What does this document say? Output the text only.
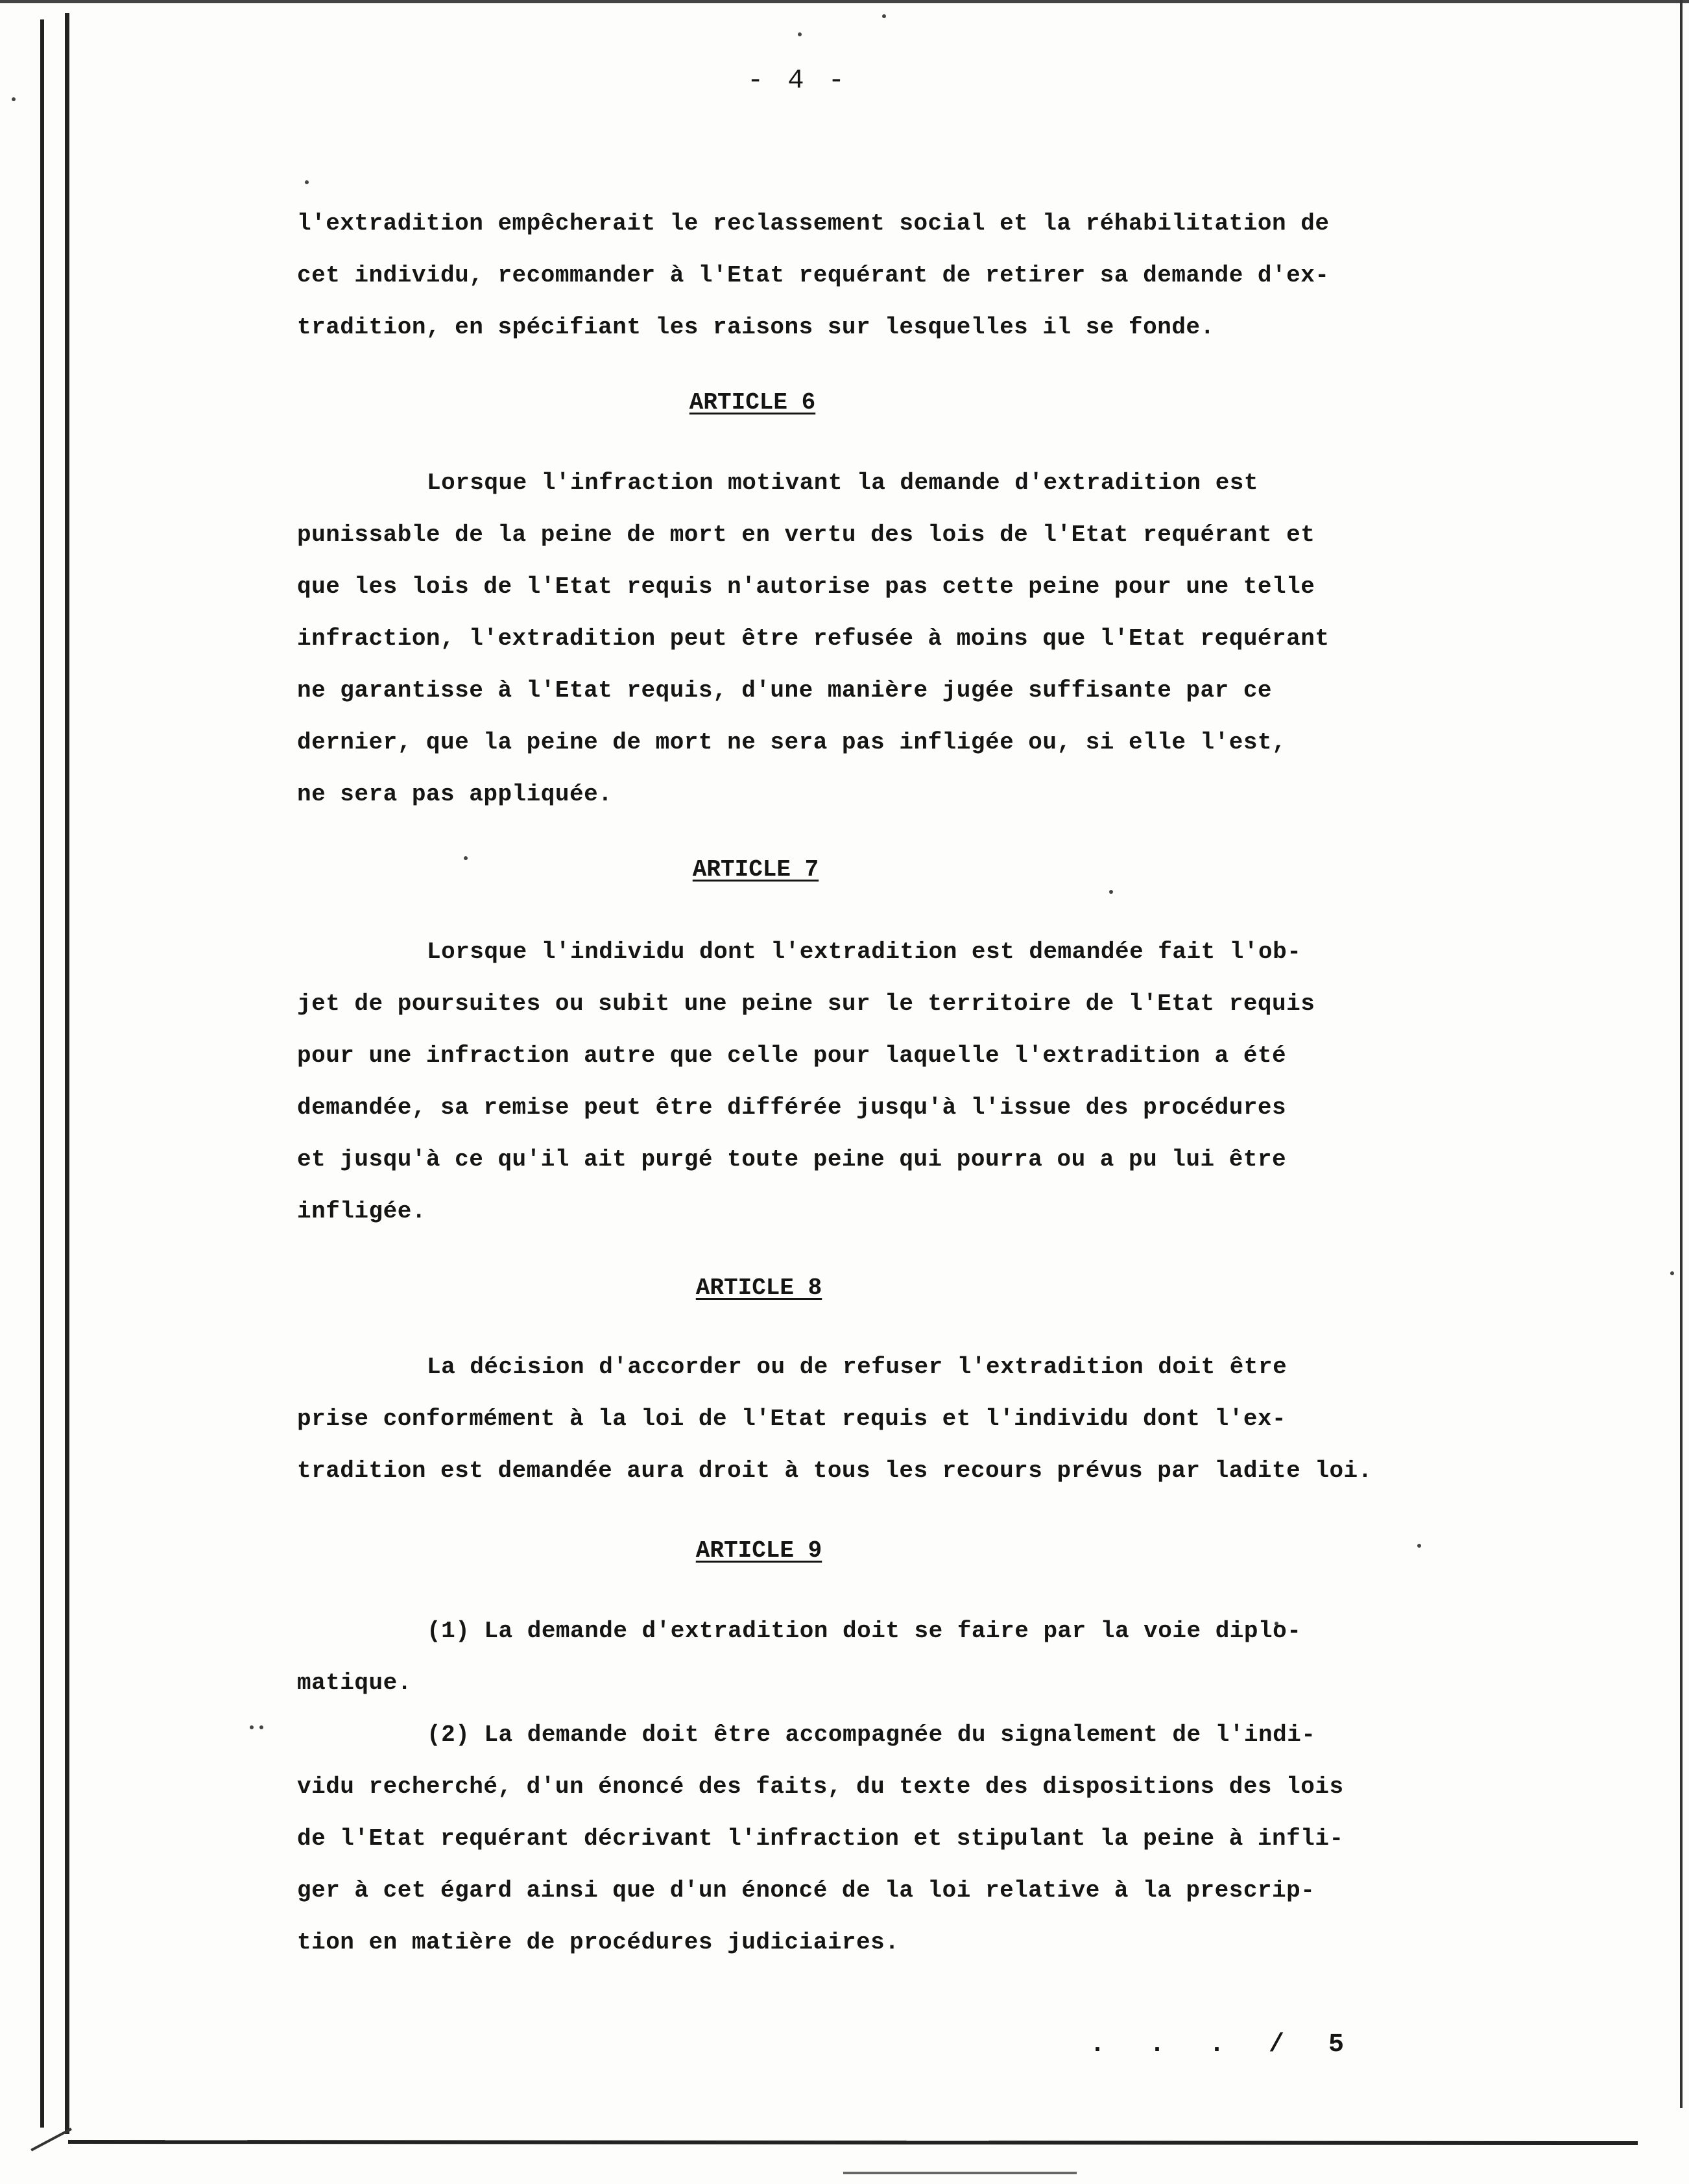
- 4 -
l'extradition empêcherait le reclassement social et la réhabilitation de
cet individu, recommander à l'Etat requérant de retirer sa demande d'ex-
tradition, en spécifiant les raisons sur lesquelles il se fonde.
ARTICLE 6
Lorsque l'infraction motivant la demande d'extradition est
punissable de la peine de mort en vertu des lois de l'Etat requérant et
que les lois de l'Etat requis n'autorise pas cette peine pour une telle
infraction, l'extradition peut être refusée à moins que l'Etat requérant
ne garantisse à l'Etat requis, d'une manière jugée suffisante par ce
dernier, que la peine de mort ne sera pas infligée ou, si elle l'est,
ne sera pas appliquée.
ARTICLE 7
Lorsque l'individu dont l'extradition est demandée fait l'ob-
jet de poursuites ou subit une peine sur le territoire de l'Etat requis
pour une infraction autre que celle pour laquelle l'extradition a été
demandée, sa remise peut être différée jusqu'à l'issue des procédures
et jusqu'à ce qu'il ait purgé toute peine qui pourra ou a pu lui être
infligée.
ARTICLE 8
La décision d'accorder ou de refuser l'extradition doit être
prise conformément à la loi de l'Etat requis et l'individu dont l'ex-
tradition est demandée aura droit à tous les recours prévus par ladite loi.
ARTICLE 9
(1) La demande d'extradition doit se faire par la voie diplo-
matique.
(2) La demande doit être accompagnée du signalement de l'indi-
vidu recherché, d'un énoncé des faits, du texte des dispositions des lois
de l'Etat requérant décrivant l'infraction et stipulant la peine à infli-
ger à cet égard ainsi que d'un énoncé de la loi relative à la prescrip-
tion en matière de procédures judiciaires.
. . . / 5
